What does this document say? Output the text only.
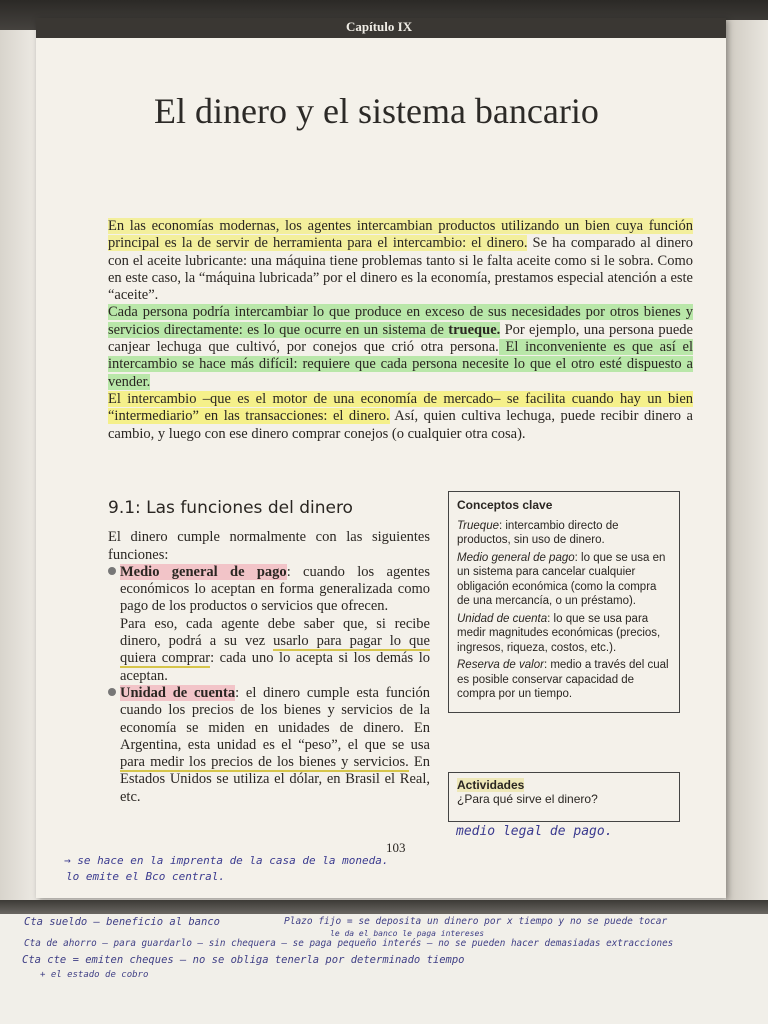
Capítulo IX
El dinero y el sistema bancario

En las economías modernas, los agentes intercambian productos utilizando un bien cuya función principal es la de servir de herramienta para el intercambio: el dinero. Se ha comparado al dinero con el aceite lubricante: una máquina tiene problemas tanto si le falta aceite como si le sobra. Como en este caso, la “máquina lubricada” por el dinero es la economía, prestamos especial atención a este “aceite”.

Cada persona podría intercambiar lo que produce en exceso de sus necesidades por otros bienes y servicios directamente: es lo que ocurre en un sistema de trueque. Por ejemplo, una persona puede canjear lechuga que cultivó, por conejos que crió otra persona. El inconveniente es que así el intercambio se hace más difícil: requiere que cada persona necesite lo que el otro esté dispuesto a vender.

El intercambio –que es el motor de una economía de mercado– se facilita cuando hay un bien “intermediario” en las transacciones: el dinero. Así, quien cultiva lechuga, puede recibir dinero a cambio, y luego con ese dinero comprar conejos (o cualquier otra cosa).

9.1: Las funciones del dinero

El dinero cumple normalmente con las siguientes funciones:

Medio general de pago: cuando los agentes económicos lo aceptan en forma generalizada como pago de los productos o servicios que ofrecen.

Para eso, cada agente debe saber que, si recibe dinero, podrá a su vez usarlo para pagar lo que quiera comprar: cada uno lo acepta si los demás lo aceptan.

Unidad de cuenta: el dinero cumple esta función cuando los precios de los bienes y servicios de la economía se miden en unidades de dinero. En Argentina, esta unidad es el “peso”, el que se usa para medir los precios de los bienes y servicios. En Estados Unidos se utiliza el dólar, en Brasil el Real, etc.

Conceptos clave

Trueque: intercambio directo de productos, sin uso de dinero.

Medio general de pago: lo que se usa en un sistema para cancelar cualquier obligación económica (como la compra de una mercancía, o un préstamo).

Unidad de cuenta: lo que se usa para medir magnitudes económicas (precios, ingresos, riqueza, costos, etc.).

Reserva de valor: medio a través del cual es posible conservar capacidad de compra por un tiempo.

Actividades
¿Para qué sirve el dinero?
medio legal de pago.
103
→ se hace en la imprenta de la casa de la moneda.
lo emite el Bco central.
Cta sueldo – beneficio al banco	Plazo fijo = se deposita un dinero por x tiempo y no se puede tocar
le da el banco le paga intereses
Cta de ahorro – para guardarlo – sin chequera – se paga pequeño interés – no se pueden hacer demasiadas extracciones
Cta cte = emiten cheques – no se obliga tenerla por determinado tiempo
+ el estado de cobro
